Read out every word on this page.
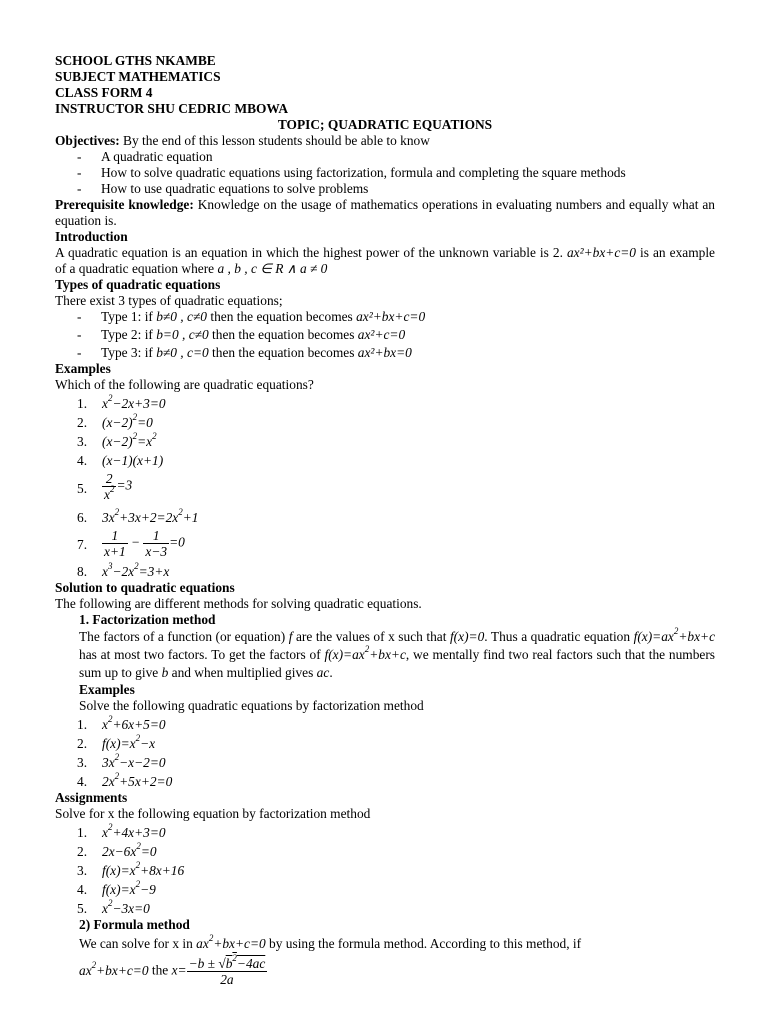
SCHOOL GTHS NKAMBE
SUBJECT MATHEMATICS
CLASS FORM 4
INSTRUCTOR SHU CEDRIC MBOWA
TOPIC; QUADRATIC EQUATIONS
Objectives: By the end of this lesson students should be able to know
- A quadratic equation
- How to solve quadratic equations using factorization, formula and completing the square methods
- How to use quadratic equations to solve problems
Prerequisite knowledge: Knowledge on the usage of mathematics operations in evaluating numbers and equally what an equation is.
Introduction
A quadratic equation is an equation in which the highest power of the unknown variable is 2. ax²+bx+c=0 is an example of a quadratic equation where a , b , c ∈ R ∧ a ≠ 0
Types of quadratic equations
There exist 3 types of quadratic equations;
- Type 1: if b≠0 , c≠0 then the equation becomes ax²+bx+c=0
- Type 2: if b=0 , c≠0 then the equation becomes ax²+c=0
- Type 3: if b≠0 , c=0 then the equation becomes ax²+bx=0
Examples
Which of the following are quadratic equations?
1. $x^2-2x+3=0$
2. $(x-2)^2=0$
3. $(x-2)^2=x^2$
4. (x−1)(x+1)
5. $\frac{2}{x^2} =3$
6. $3x^2+3x+2=2x^2+1$
7. $\frac{1}{x+1} - \frac{1}{x-3} =0$
8. $x^3-2x^2=3+x$
Solution to quadratic equations
The following are different methods for solving quadratic equations.
1. Factorization method
The factors of a function (or equation) f are the values of x such that f(x)=0. Thus a quadratic equation $f(x)=ax^2+bx+c$ has at most two factors. To get the factors of $f(x)=ax^2+bx+c$, we mentally find two real factors such that the numbers sum up to give b and when multiplied gives ac.
Examples
Solve the following quadratic equations by factorization method
1. $x^2+6x+5=0$
2. $f(x)=x^2-x$
3. $3x^2-x-2=0$
4. $2x^2+5x+2=0$
Assignments
Solve for x the following equation by factorization method
1. $x^2+4x+3=0$
2. $2x-6x^2=0$
3. $f(x)=x^2+8x+16$
4. $f(x)=x^2-9$
5. $x^2-3x=0$
2) Formula method
We can solve for x in $ax^2+bx+c=0$ by using the formula method. According to this method, if
$ax^2+bx+c=0$ the $x= \frac{-b \pm √b^2-4ac}{2a}$
